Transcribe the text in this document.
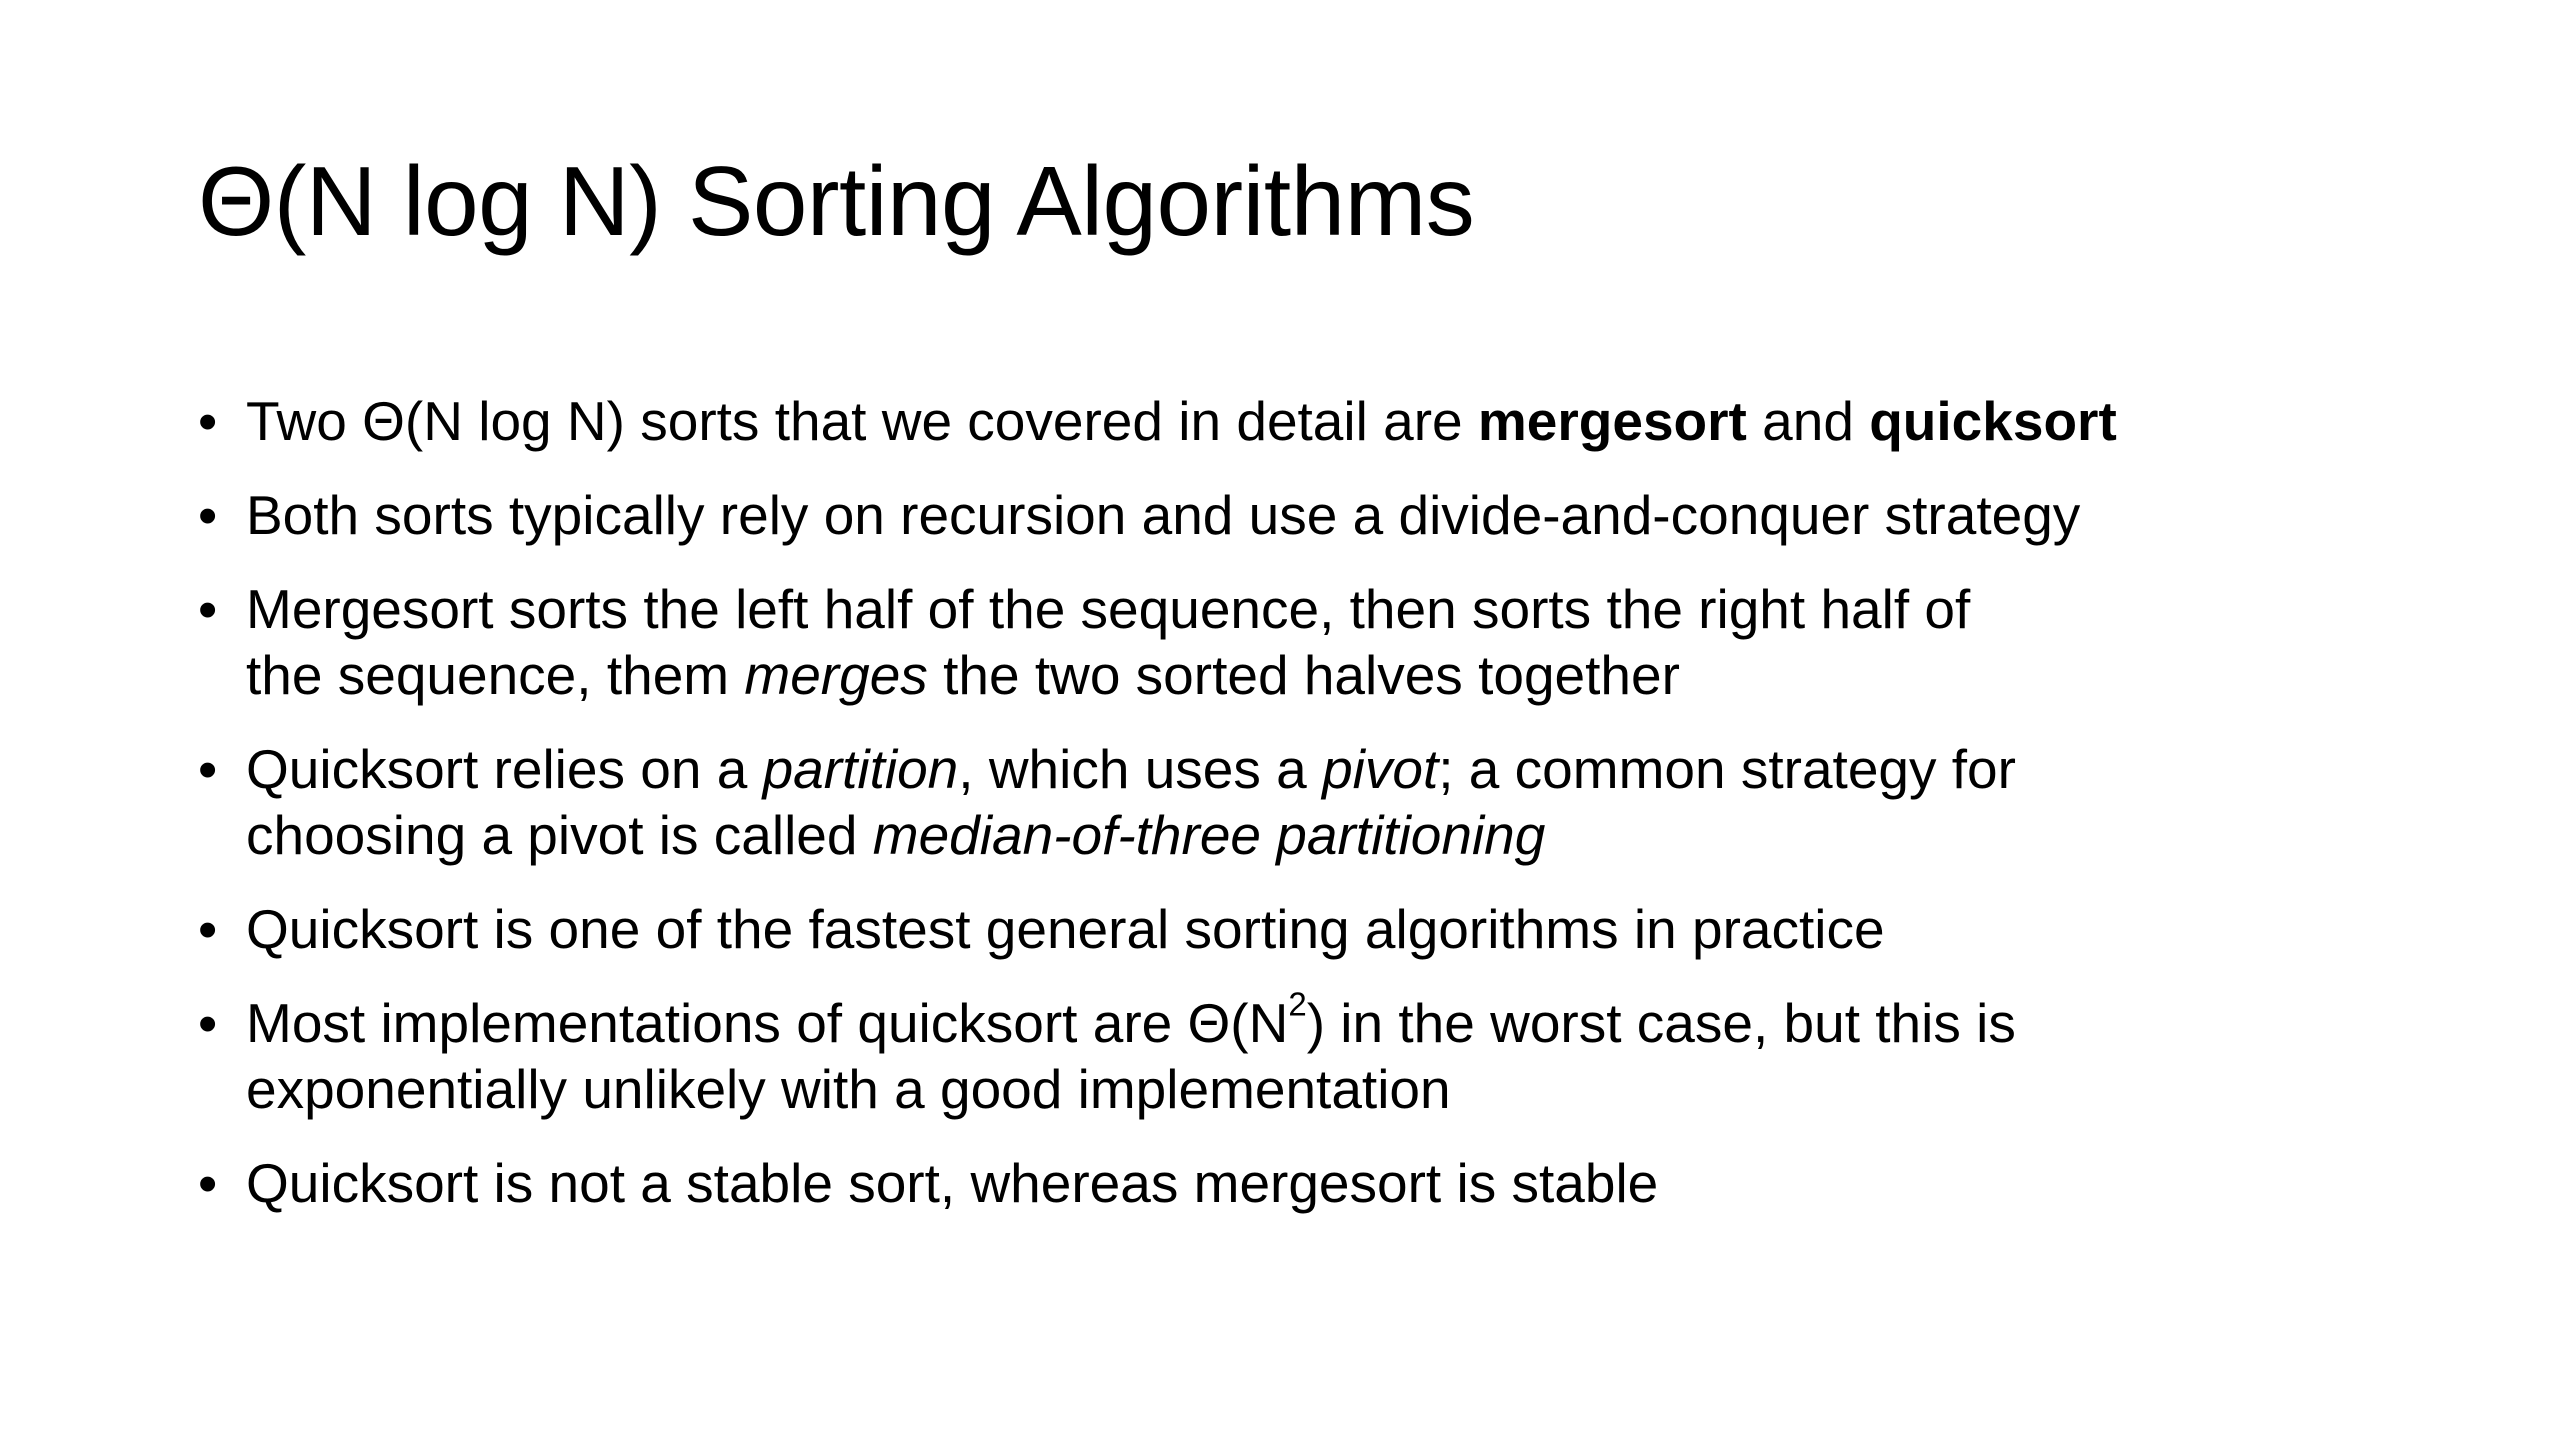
Θ(N log N) Sorting Algorithms
• Two Θ(N log N) sorts that we covered in detail are mergesort and quicksort
• Both sorts typically rely on recursion and use a divide-and-conquer strategy
• Mergesort sorts the left half of the sequence, then sorts the right half of
the sequence, them merges the two sorted halves together
• Quicksort relies on a partition, which uses a pivot; a common strategy for
choosing a pivot is called median-of-three partitioning
• Quicksort is one of the fastest general sorting algorithms in practice
• Most implementations of quicksort are $\Theta(N^2)$ in the worst case, but this is
exponentially unlikely with a good implementation
• Quicksort is not a stable sort, whereas mergesort is stable
